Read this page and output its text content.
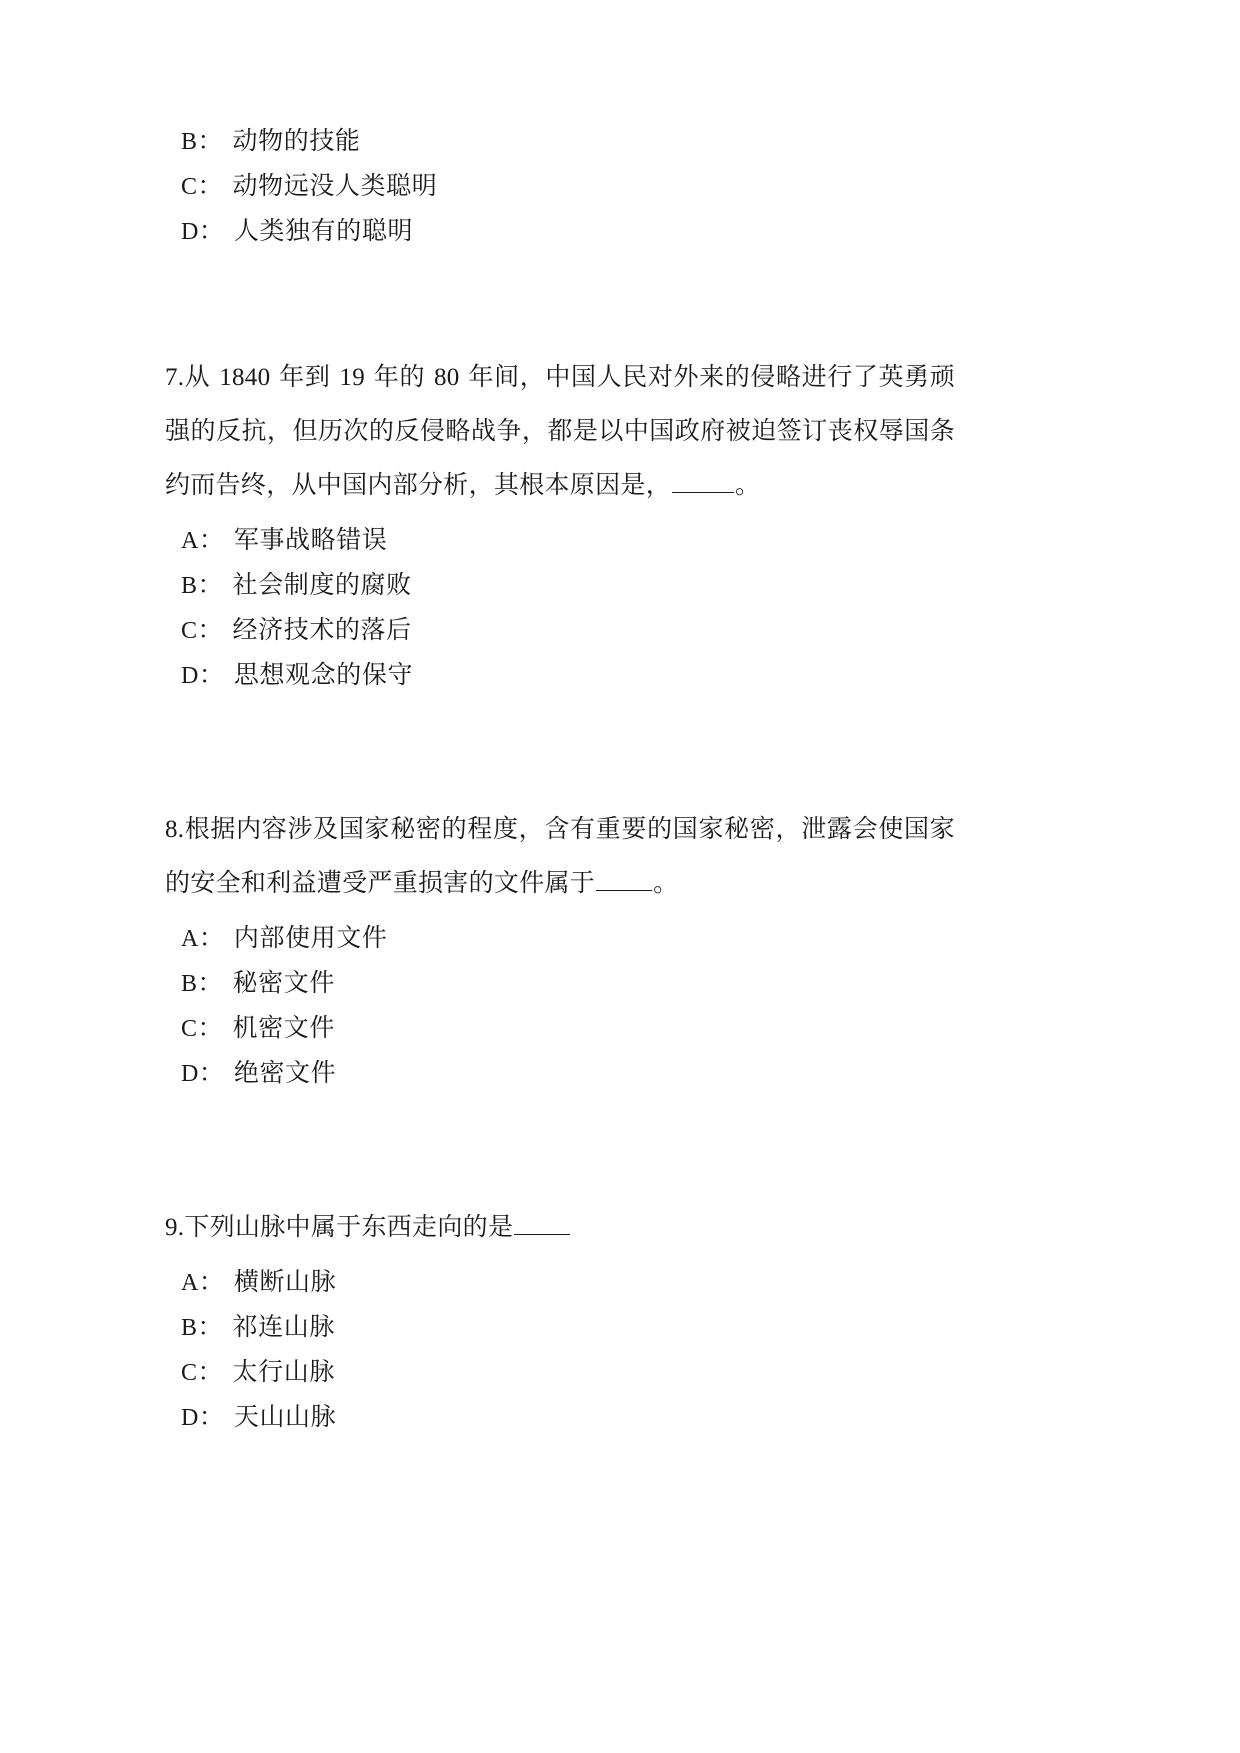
B ： 动物的技能
C ： 动物远没人类聪明
D ： 人类独有的聪明

7.从 1840 年到 19 年的 80 年间，中国人民对外来的侵略进行了英勇顽强的反抗，但历次的反侵略战争，都是以中国政府被迫签订丧权辱国条约而告终，从中国内部分析，其根本原因是，	。

A ： 军事战略错误
B ： 社会制度的腐败
C ： 经济技术的落后
D ： 思想观念的保守

8.根据内容涉及国家秘密的程度，含有重要的国家秘密，泄露会使国家的安全和利益遭受严重损害的文件属于 。

A ： 内部使用文件
B ： 秘密文件
C ： 机密文件
D ： 绝密文件

9.下列山脉中属于东西走向的是

A ： 横断山脉
B ： 祁连山脉
C ： 太行山脉
D ： 天山山脉
